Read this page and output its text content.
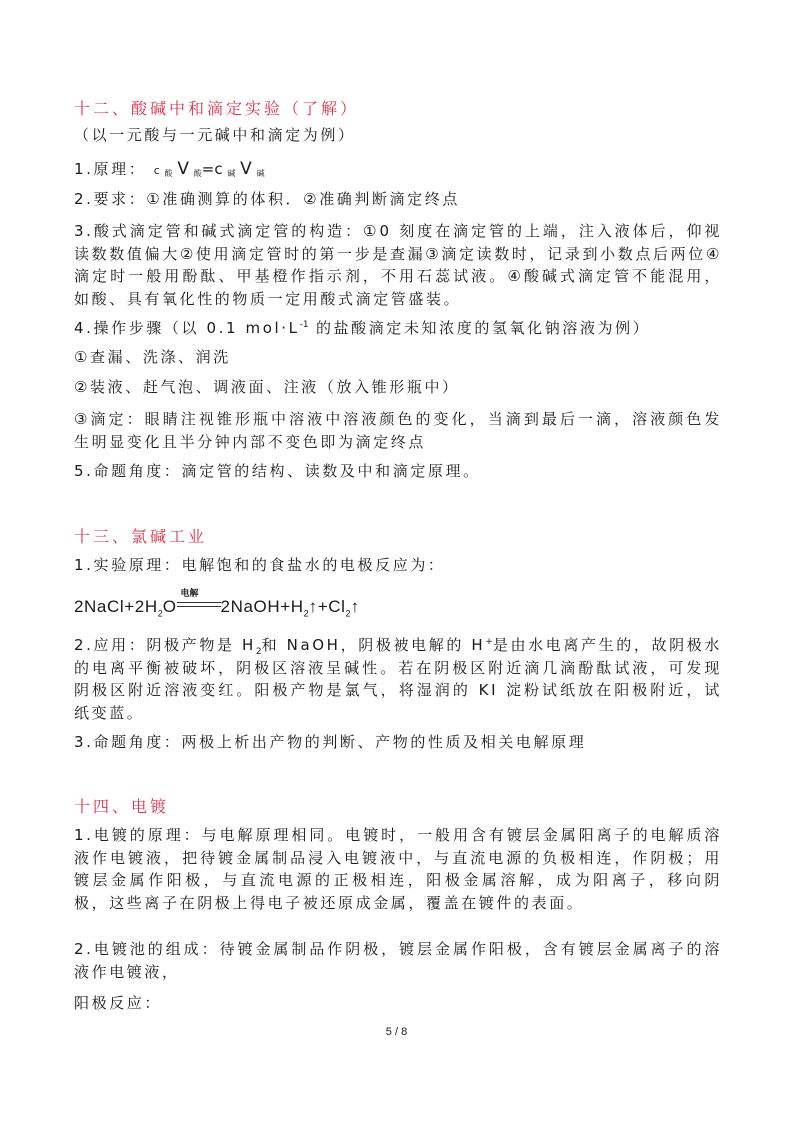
十二、酸碱中和滴定实验（了解）
（以一元酸与一元碱中和滴定为例）
1.原理： c 酸 V 酸=c 碱 V 碱
2.要求：①准确测算的体积．②准确判断滴定终点
3.酸式滴定管和碱式滴定管的构造：①0 刻度在滴定管的上端，注入液体后，仰视读数数值偏大②使用滴定管时的第一步是查漏③滴定读数时，记录到小数点后两位④滴定时一般用酚酞、甲基橙作指示剂，不用石蕊试液。④酸碱式滴定管不能混用，如酸、具有氧化性的物质一定用酸式滴定管盛装。
4.操作步骤（以 0.1 $mol\cdot L^{-1}$ 的盐酸滴定未知浓度的氢氧化钠溶液为例）
①查漏、洗涤、润洗
②装液、赶气泡、调液面、注液（放入锥形瓶中）
③滴定：眼睛注视锥形瓶中溶液中溶液颜色的变化，当滴到最后一滴，溶液颜色发生明显变化且半分钟内部不变色即为滴定终点
5.命题角度：滴定管的结构、读数及中和滴定原理。
十三、氯碱工业
1.实验原理：电解饱和的食盐水的电极反应为：
$2NaCl+2H_2O$
电解
$2NaOH+H_2↑+Cl_2↑$
2.应用：阴极产物是 $H_2$和 NaOH，阴极被电解的 H+是由水电离产生的，故阴极水的电离平衡被破坏，阴极区溶液呈碱性。若在阴极区附近滴几滴酚酞试液，可发现阴极区附近溶液变红。阳极产物是氯气，将湿润的 KI 淀粉试纸放在阳极附近，试纸变蓝。
3.命题角度：两极上析出产物的判断、产物的性质及相关电解原理
十四、电镀
1.电镀的原理：与电解原理相同。电镀时，一般用含有镀层金属阳离子的电解质溶液作电镀液，把待镀金属制品浸入电镀液中，与直流电源的负极相连，作阴极；用镀层金属作阳极，与直流电源的正极相连，阳极金属溶解，成为阳离子，移向阴极，这些离子在阴极上得电子被还原成金属，覆盖在镀件的表面。
2.电镀池的组成：待镀金属制品作阴极，镀层金属作阳极，含有镀层金属离子的溶液作电镀液，
阳极反应：
5 / 8
